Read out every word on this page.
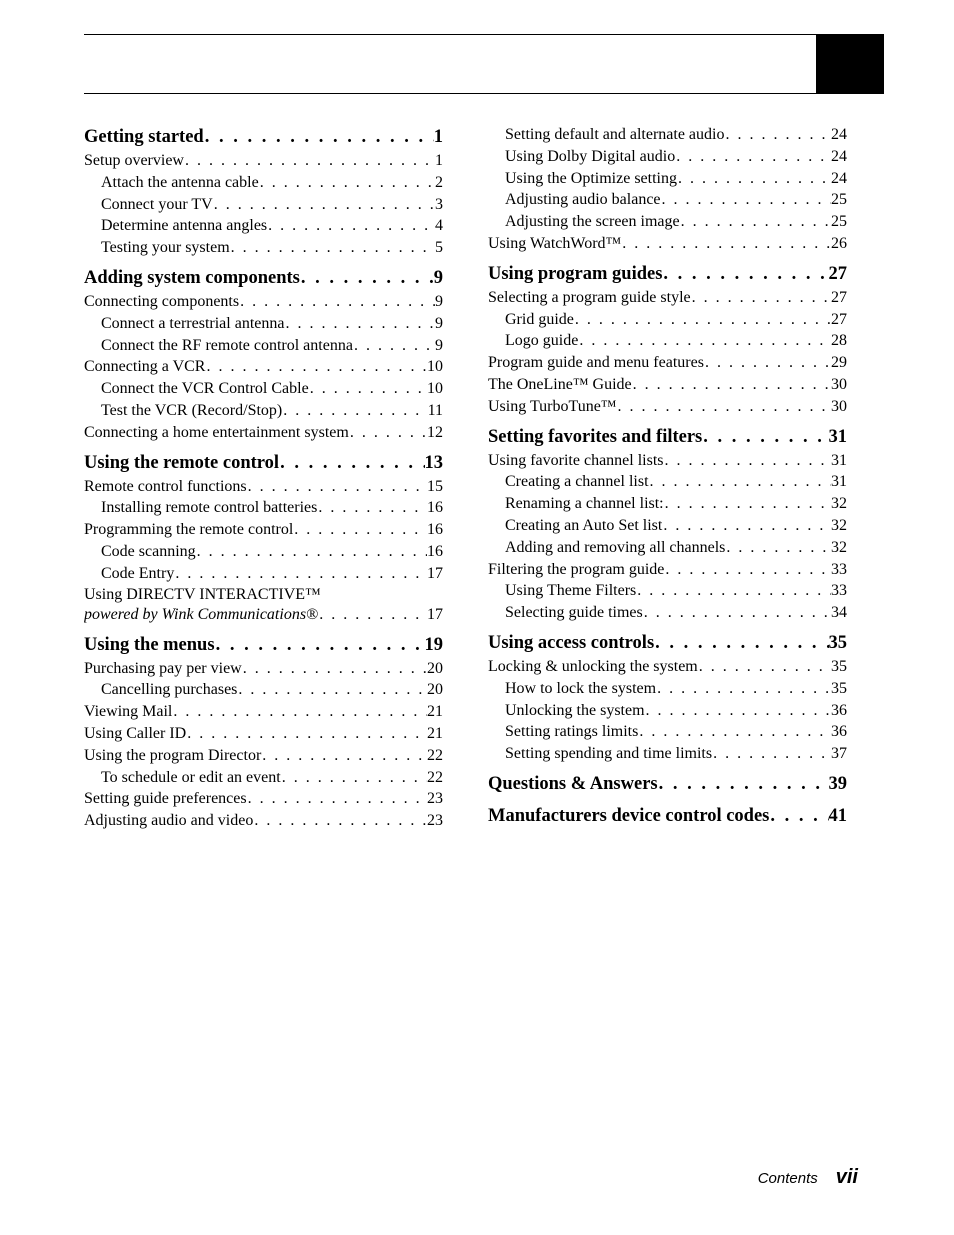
Getting started . . .	1
Setup overview . . .	1
Attach the antenna cable . . .	2
Connect your TV . . .	3
Determine antenna angles . . .	4
Testing your system . . .	5
Adding system components . . .	9
Connecting components . . .	9
Connect a terrestrial antenna . . .	9
Connect the RF remote control antenna . . .	9
Connecting a VCR . . .	10
Connect the VCR Control Cable . . .	10
Test the VCR (Record/Stop) . . .	11
Connecting a home entertainment system . . .	12
Using the remote control . . .	13
Remote control functions . . .	15
Installing remote control batteries . . .	16
Programming the remote control . . .	16
Code scanning . . .	16
Code Entry . . .	17
Using DIRECTV INTERACTIVE™
powered by Wink Communications® . . .	17
Using the menus . . .	19
Purchasing pay per view . . .	20
Cancelling purchases . . .	20
Viewing Mail . . .	21
Using Caller ID . . .	21
Using the program Director . . .	22
To schedule or edit an event . . .	22
Setting guide preferences . . .	23
Adjusting audio and video . . .	23
Setting default and alternate audio . . .	24
Using Dolby Digital audio . . .	24
Using the Optimize setting . . .	24
Adjusting audio balance . . .	25
Adjusting the screen image . . .	25
Using WatchWord™ . . .	26
Using program guides . . .	27
Selecting a program guide style . . .	27
Grid guide . . .	27
Logo guide . . .	28
Program guide and menu features . . .	29
The OneLine™ Guide . . .	30
Using TurboTune™ . . .	30
Setting favorites and filters . . .	31
Using favorite channel lists . . .	31
Creating a channel list . . .	31
Renaming a channel list: . . .	32
Creating an Auto Set list . . .	32
Adding and removing all channels . . .	32
Filtering the program guide . . .	33
Using Theme Filters . . .	33
Selecting guide times . . .	34
Using access controls . . .	35
Locking & unlocking the system . . .	35
How to lock the system . . .	35
Unlocking the system . . .	36
Setting ratings limits . . .	36
Setting spending and time limits . . .	37
Questions & Answers . . .	39
Manufacturers device control codes . . .	41
Contents vii
